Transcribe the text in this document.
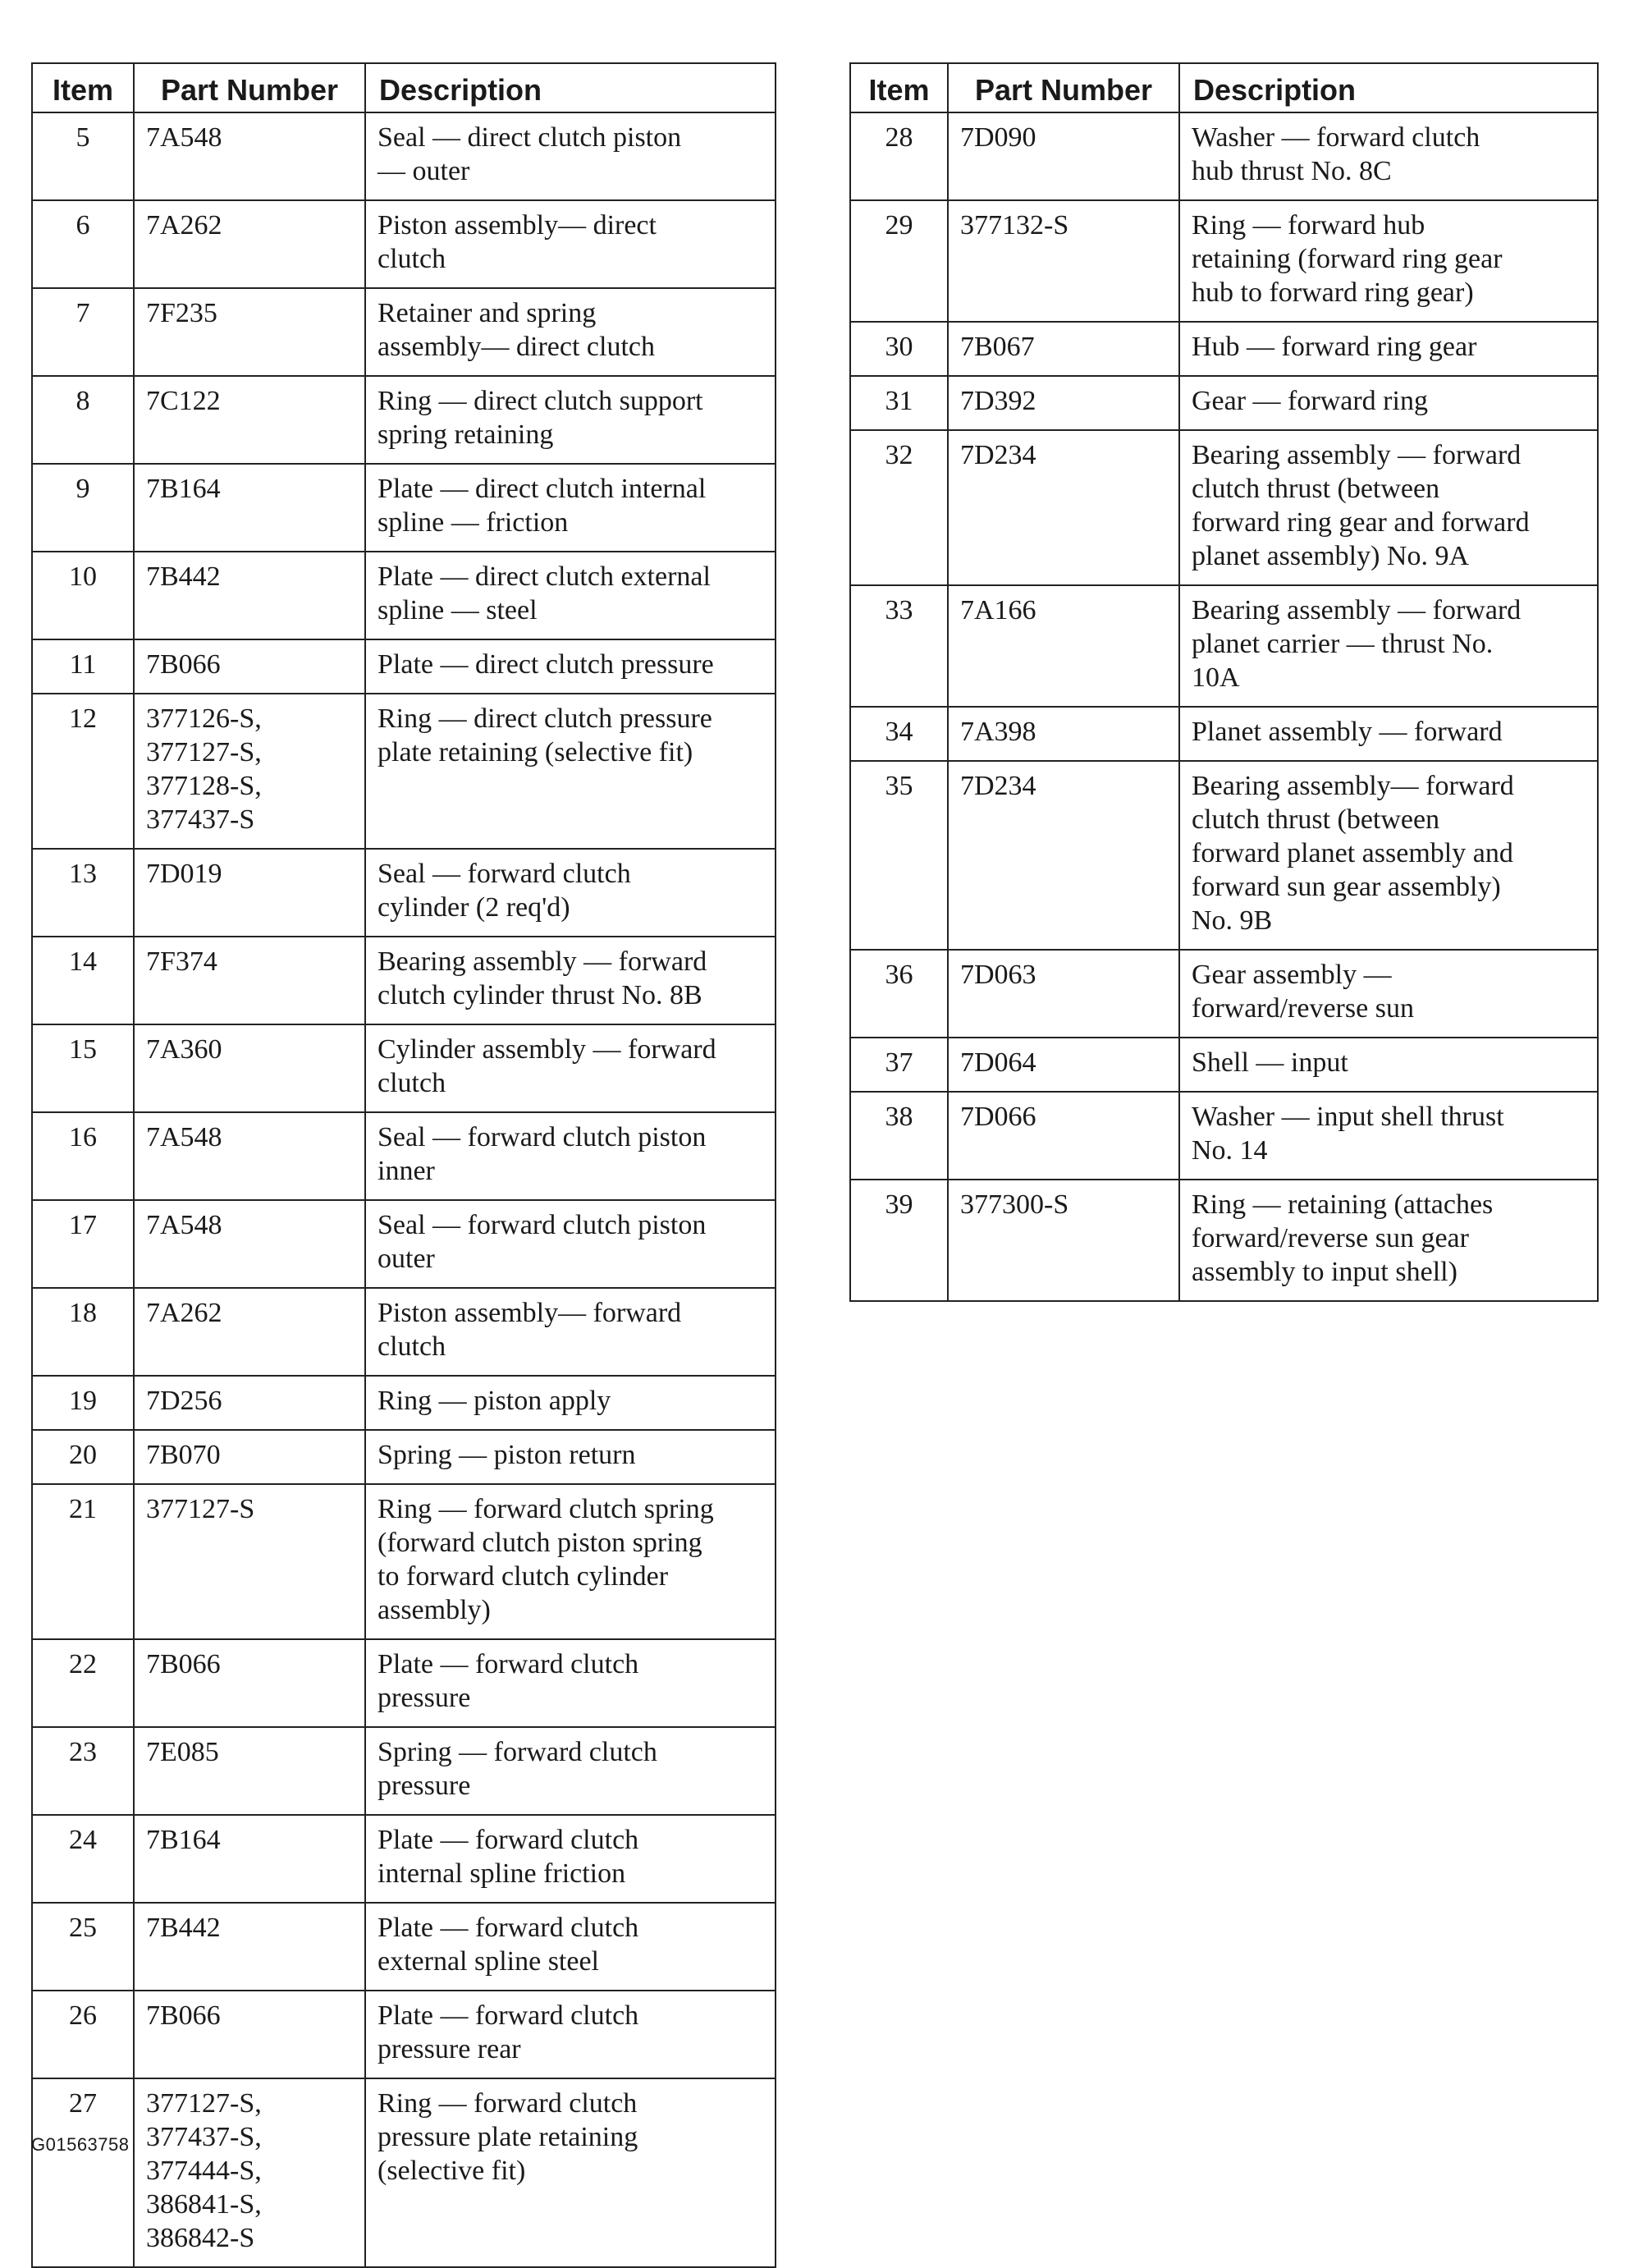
Item	Part Number	Description
5	7A548	Seal — direct clutch piston
— outer

6	7A262	Piston assembly— direct
clutch

7	7F235	Retainer and spring
assembly— direct clutch

8	7C122	Ring — direct clutch support
spring retaining

9	7B164	Plate — direct clutch internal
spline — friction

10	7B442	Plate — direct clutch external
spline — steel

11	7B066	Plate — direct clutch pressure

12	377126-S,
377127-S,
377128-S,
377437-S	Ring — direct clutch pressure
plate retaining (selective fit)

13	7D019	Seal — forward clutch
cylinder (2 req'd)

14	7F374	Bearing assembly — forward
clutch cylinder thrust No. 8B

15	7A360	Cylinder assembly — forward
clutch

16	7A548	Seal — forward clutch piston
inner

17	7A548	Seal — forward clutch piston
outer

18	7A262	Piston assembly— forward
clutch

19	7D256	Ring — piston apply

20	7B070	Spring — piston return

21	377127-S	Ring — forward clutch spring
(forward clutch piston spring
to forward clutch cylinder
assembly)

22	7B066	Plate — forward clutch
pressure

23	7E085	Spring — forward clutch
pressure

24	7B164	Plate — forward clutch
internal spline friction

25	7B442	Plate — forward clutch
external spline steel

26	7B066	Plate — forward clutch
pressure rear

27	377127-S,
377437-S,
377444-S,
386841-S,
386842-S	Ring — forward clutch
pressure plate retaining
(selective fit)
Item	Part Number	Description
28	7D090	Washer — forward clutch
hub thrust No. 8C

29	377132-S	Ring — forward hub
retaining (forward ring gear
hub to forward ring gear)

30	7B067	Hub — forward ring gear

31	7D392	Gear — forward ring

32	7D234	Bearing assembly — forward
clutch thrust (between
forward ring gear and forward
planet assembly) No. 9A

33	7A166	Bearing assembly — forward
planet carrier — thrust No.
10A

34	7A398	Planet assembly — forward

35	7D234	Bearing assembly— forward
clutch thrust (between
forward planet assembly and
forward sun gear assembly)
No. 9B

36	7D063	Gear assembly —
forward/reverse sun

37	7D064	Shell — input

38	7D066	Washer — input shell thrust
No. 14

39	377300-S	Ring — retaining (attaches
forward/reverse sun gear
assembly to input shell)
G01563758
